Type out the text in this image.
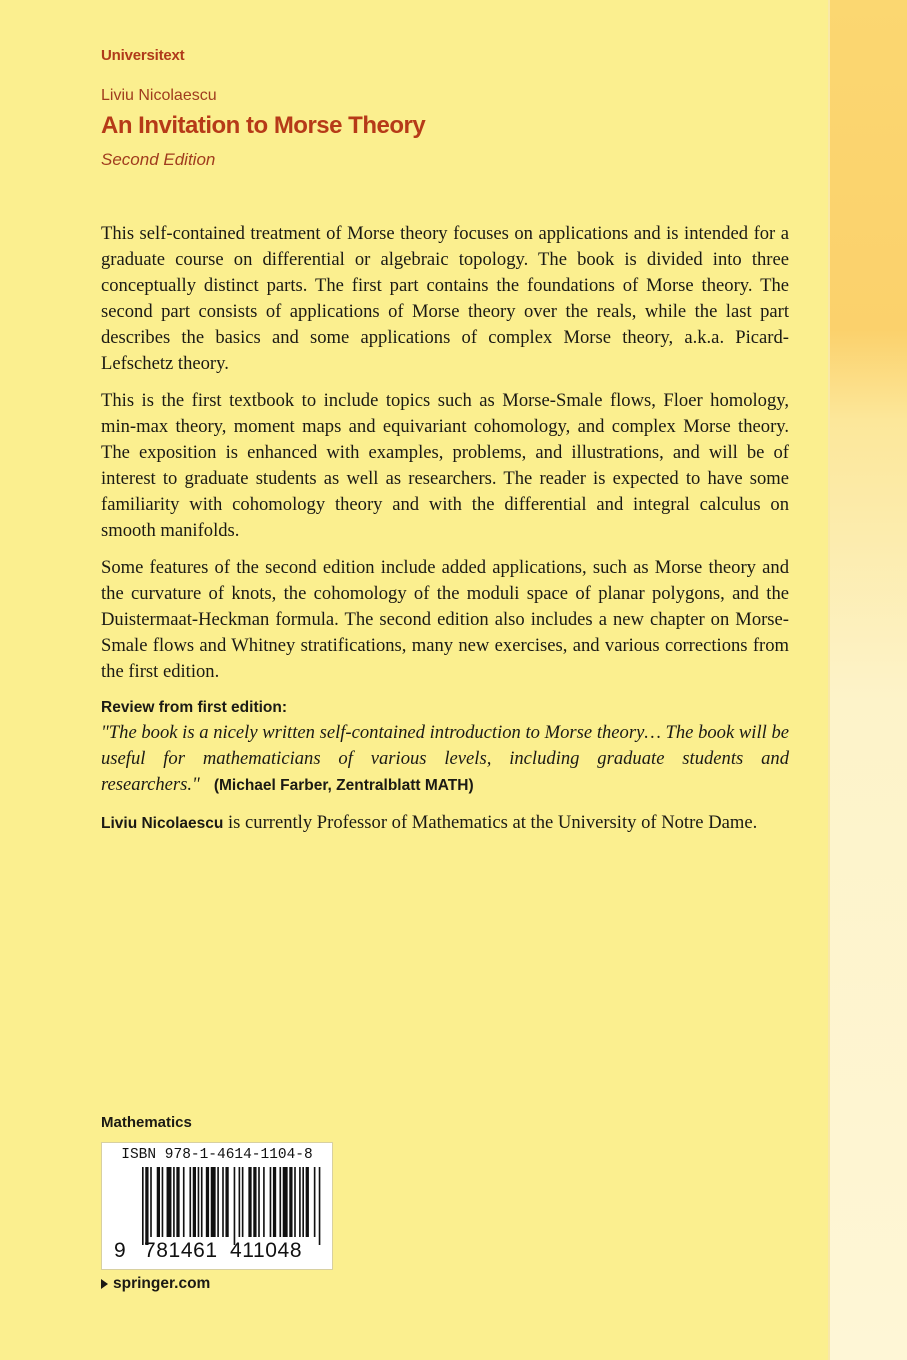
Universitext
Liviu Nicolaescu
An Invitation to Morse Theory
Second Edition

This self-contained treatment of Morse theory focuses on applications and is intended for a graduate course on differential or algebraic topology. The book is divided into three conceptually distinct parts. The first part contains the foundations of Morse theory. The second part consists of applications of Morse theory over the reals, while the last part describes the basics and some applications of complex Morse theory, a.k.a. Picard-Lefschetz theory.

This is the first textbook to include topics such as Morse-Smale flows, Floer homology, min-max theory, moment maps and equivariant cohomology, and complex Morse theory. The exposition is enhanced with examples, problems, and illustrations, and will be of interest to graduate students as well as researchers. The reader is expected to have some familiarity with cohomology theory and with the differential and integral calculus on smooth manifolds.

Some features of the second edition include added applications, such as Morse theory and the curvature of knots, the cohomology of the moduli space of planar polygons, and the Duistermaat-Heckman formula. The second edition also includes a new chapter on Morse-Smale flows and Whitney stratifications, many new exercises, and various corrections from the first edition.

Review from first edition:

"The book is a nicely written self-contained introduction to Morse theory… The book will be useful for mathematicians of various levels, including graduate students and researchers." (Michael Farber, Zentralblatt MATH)

Liviu Nicolaescu is currently Professor of Mathematics at the University of Notre Dame.

Mathematics
ISBN 978-1-4614-1104-8
9 781461 411048
springer.com
